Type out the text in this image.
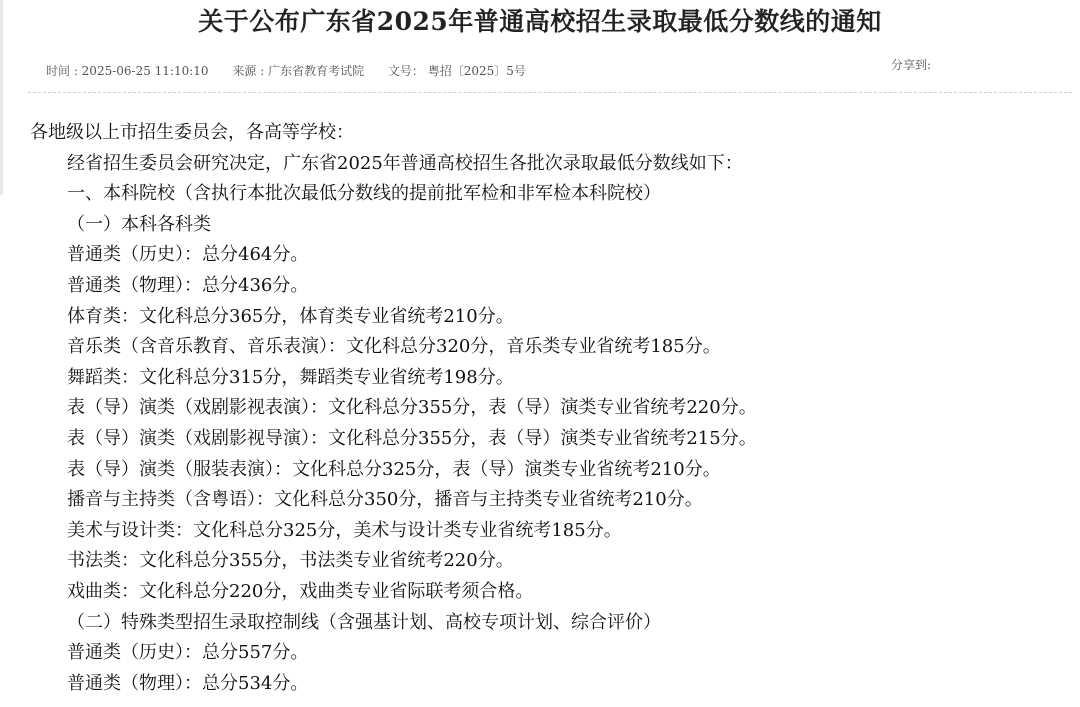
关于公布广东省2025年普通高校招生录取最低分数线的通知
时间 : 2025-06-25 11:10:10 来源 : 广东省教育考试院 文号： 粤招〔2025〕5号	分享到:
各地级以上市招生委员会，各高等学校：
经省招生委员会研究决定，广东省2025年普通高校招生各批次录取最低分数线如下：
一、本科院校（含执行本批次最低分数线的提前批军检和非军检本科院校）
（一）本科各科类
普通类（历史）：总分464分。
普通类（物理）：总分436分。
体育类：文化科总分365分，体育类专业省统考210分。
音乐类（含音乐教育、音乐表演）：文化科总分320分，音乐类专业省统考185分。
舞蹈类：文化科总分315分，舞蹈类专业省统考198分。
表（导）演类（戏剧影视表演）：文化科总分355分，表（导）演类专业省统考220分。
表（导）演类（戏剧影视导演）：文化科总分355分，表（导）演类专业省统考215分。
表（导）演类（服装表演）：文化科总分325分，表（导）演类专业省统考210分。
播音与主持类（含粤语）：文化科总分350分，播音与主持类专业省统考210分。
美术与设计类：文化科总分325分，美术与设计类专业省统考185分。
书法类：文化科总分355分，书法类专业省统考220分。
戏曲类：文化科总分220分，戏曲类专业省际联考须合格。
（二）特殊类型招生录取控制线（含强基计划、高校专项计划、综合评价）
普通类（历史）：总分557分。
普通类（物理）：总分534分。
